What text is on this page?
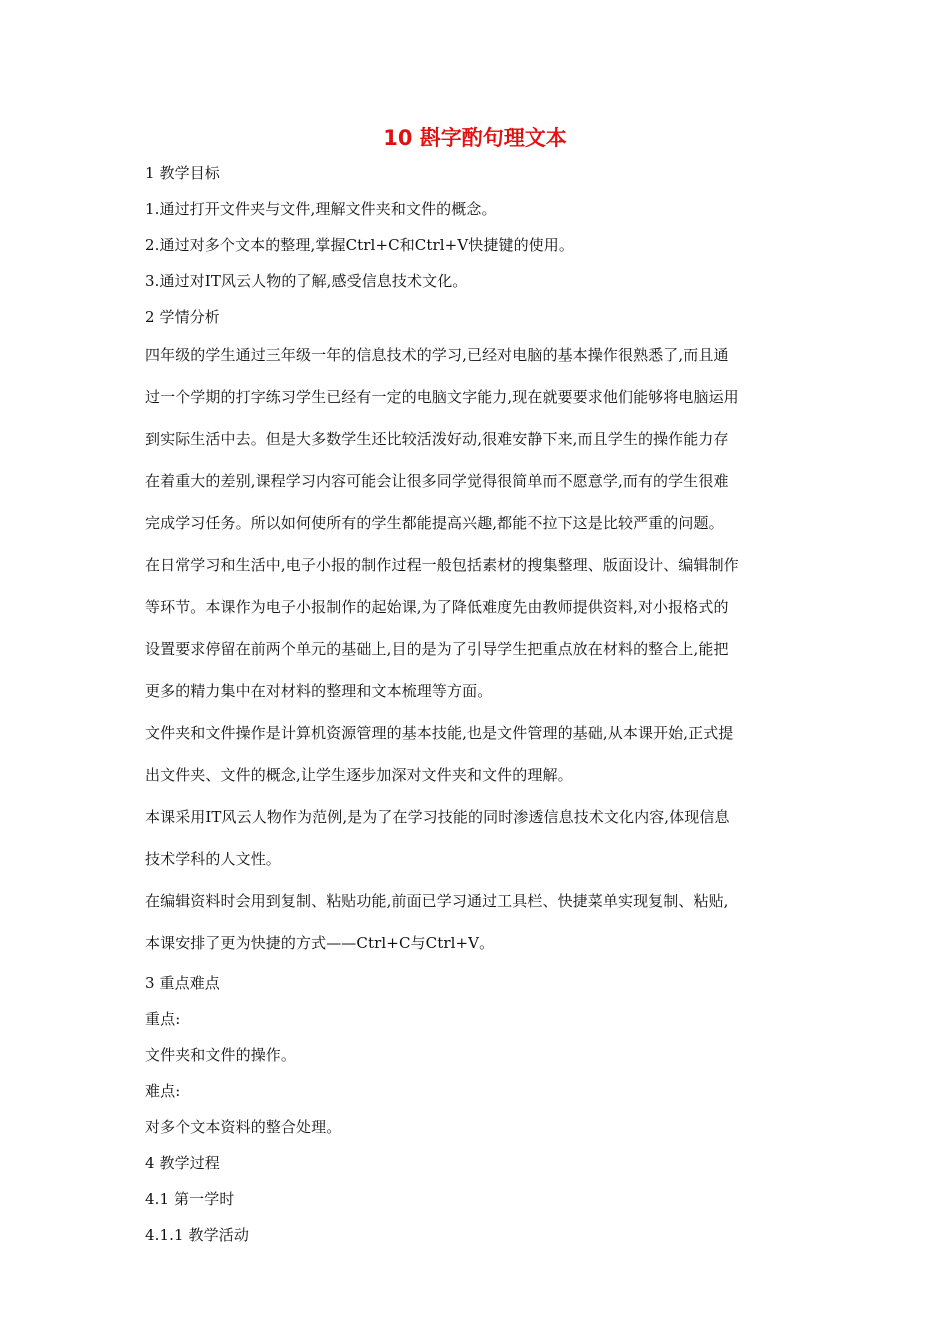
10 斟字酌句理文本
1 教学目标
1.通过打开文件夹与文件,理解文件夹和文件的概念。
2.通过对多个文本的整理,掌握Ctrl+C和Ctrl+V快捷键的使用。
3.通过对IT风云人物的了解,感受信息技术文化。
2 学情分析
四年级的学生通过三年级一年的信息技术的学习,已经对电脑的基本操作很熟悉了,而且通
过一个学期的打字练习学生已经有一定的电脑文字能力,现在就要要求他们能够将电脑运用
到实际生活中去。但是大多数学生还比较活泼好动,很难安静下来,而且学生的操作能力存
在着重大的差别,课程学习内容可能会让很多同学觉得很简单而不愿意学,而有的学生很难
完成学习任务。所以如何使所有的学生都能提高兴趣,都能不拉下这是比较严重的问题。
在日常学习和生活中,电子小报的制作过程一般包括素材的搜集整理、版面设计、编辑制作
等环节。本课作为电子小报制作的起始课,为了降低难度先由教师提供资料,对小报格式的
设置要求停留在前两个单元的基础上,目的是为了引导学生把重点放在材料的整合上,能把
更多的精力集中在对材料的整理和文本梳理等方面。
文件夹和文件操作是计算机资源管理的基本技能,也是文件管理的基础,从本课开始,正式提
出文件夹、文件的概念,让学生逐步加深对文件夹和文件的理解。
本课采用IT风云人物作为范例,是为了在学习技能的同时渗透信息技术文化内容,体现信息
技术学科的人文性。
在编辑资料时会用到复制、粘贴功能,前面已学习通过工具栏、快捷菜单实现复制、粘贴,
本课安排了更为快捷的方式——Ctrl+C与Ctrl+V。
3 重点难点
重点:
文件夹和文件的操作。
难点:
对多个文本资料的整合处理。
4 教学过程
4.1 第一学时
4.1.1 教学活动
